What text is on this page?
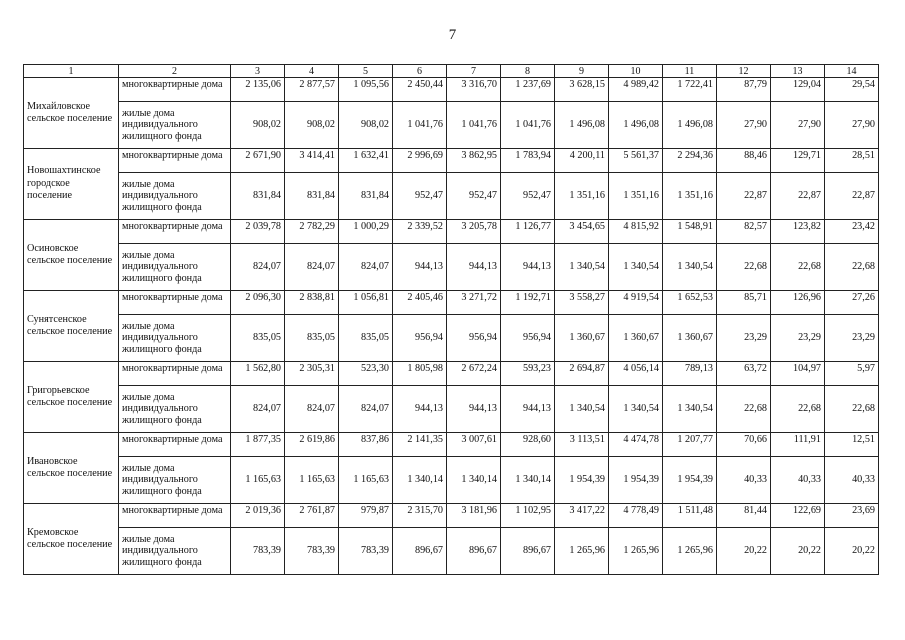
7
1	2	3	4	5	6	7	8	9	10	11	12	13	14
Михайловское сельское поселение	многоквартирные дома	2 135,06	2 877,57	1 095,56	2 450,44	3 316,70	1 237,69	3 628,15	4 989,42	1 722,41	87,79	129,04	29,54
	жилые дома индивидуального жилищного фонда	908,02	908,02	908,02	1 041,76	1 041,76	1 041,76	1 496,08	1 496,08	1 496,08	27,90	27,90	27,90
Новошахтинское городское поселение	многоквартирные дома	2 671,90	3 414,41	1 632,41	2 996,69	3 862,95	1 783,94	4 200,11	5 561,37	2 294,36	88,46	129,71	28,51
	жилые дома индивидуального жилищного фонда	831,84	831,84	831,84	952,47	952,47	952,47	1 351,16	1 351,16	1 351,16	22,87	22,87	22,87
Осиновское сельское поселение	многоквартирные дома	2 039,78	2 782,29	1 000,29	2 339,52	3 205,78	1 126,77	3 454,65	4 815,92	1 548,91	82,57	123,82	23,42
	жилые дома индивидуального жилищного фонда	824,07	824,07	824,07	944,13	944,13	944,13	1 340,54	1 340,54	1 340,54	22,68	22,68	22,68
Сунятсенское сельское поселение	многоквартирные дома	2 096,30	2 838,81	1 056,81	2 405,46	3 271,72	1 192,71	3 558,27	4 919,54	1 652,53	85,71	126,96	27,26
	жилые дома индивидуального жилищного фонда	835,05	835,05	835,05	956,94	956,94	956,94	1 360,67	1 360,67	1 360,67	23,29	23,29	23,29
Григорьевское сельское поселение	многоквартирные дома	1 562,80	2 305,31	523,30	1 805,98	2 672,24	593,23	2 694,87	4 056,14	789,13	63,72	104,97	5,97
	жилые дома индивидуального жилищного фонда	824,07	824,07	824,07	944,13	944,13	944,13	1 340,54	1 340,54	1 340,54	22,68	22,68	22,68
Ивановское сельское поселение	многоквартирные дома	1 877,35	2 619,86	837,86	2 141,35	3 007,61	928,60	3 113,51	4 474,78	1 207,77	70,66	111,91	12,51
	жилые дома индивидуального жилищного фонда	1 165,63	1 165,63	1 165,63	1 340,14	1 340,14	1 340,14	1 954,39	1 954,39	1 954,39	40,33	40,33	40,33
Кремовское сельское поселение	многоквартирные дома	2 019,36	2 761,87	979,87	2 315,70	3 181,96	1 102,95	3 417,22	4 778,49	1 511,48	81,44	122,69	23,69
	жилые дома индивидуального жилищного фонда	783,39	783,39	783,39	896,67	896,67	896,67	1 265,96	1 265,96	1 265,96	20,22	20,22	20,22
